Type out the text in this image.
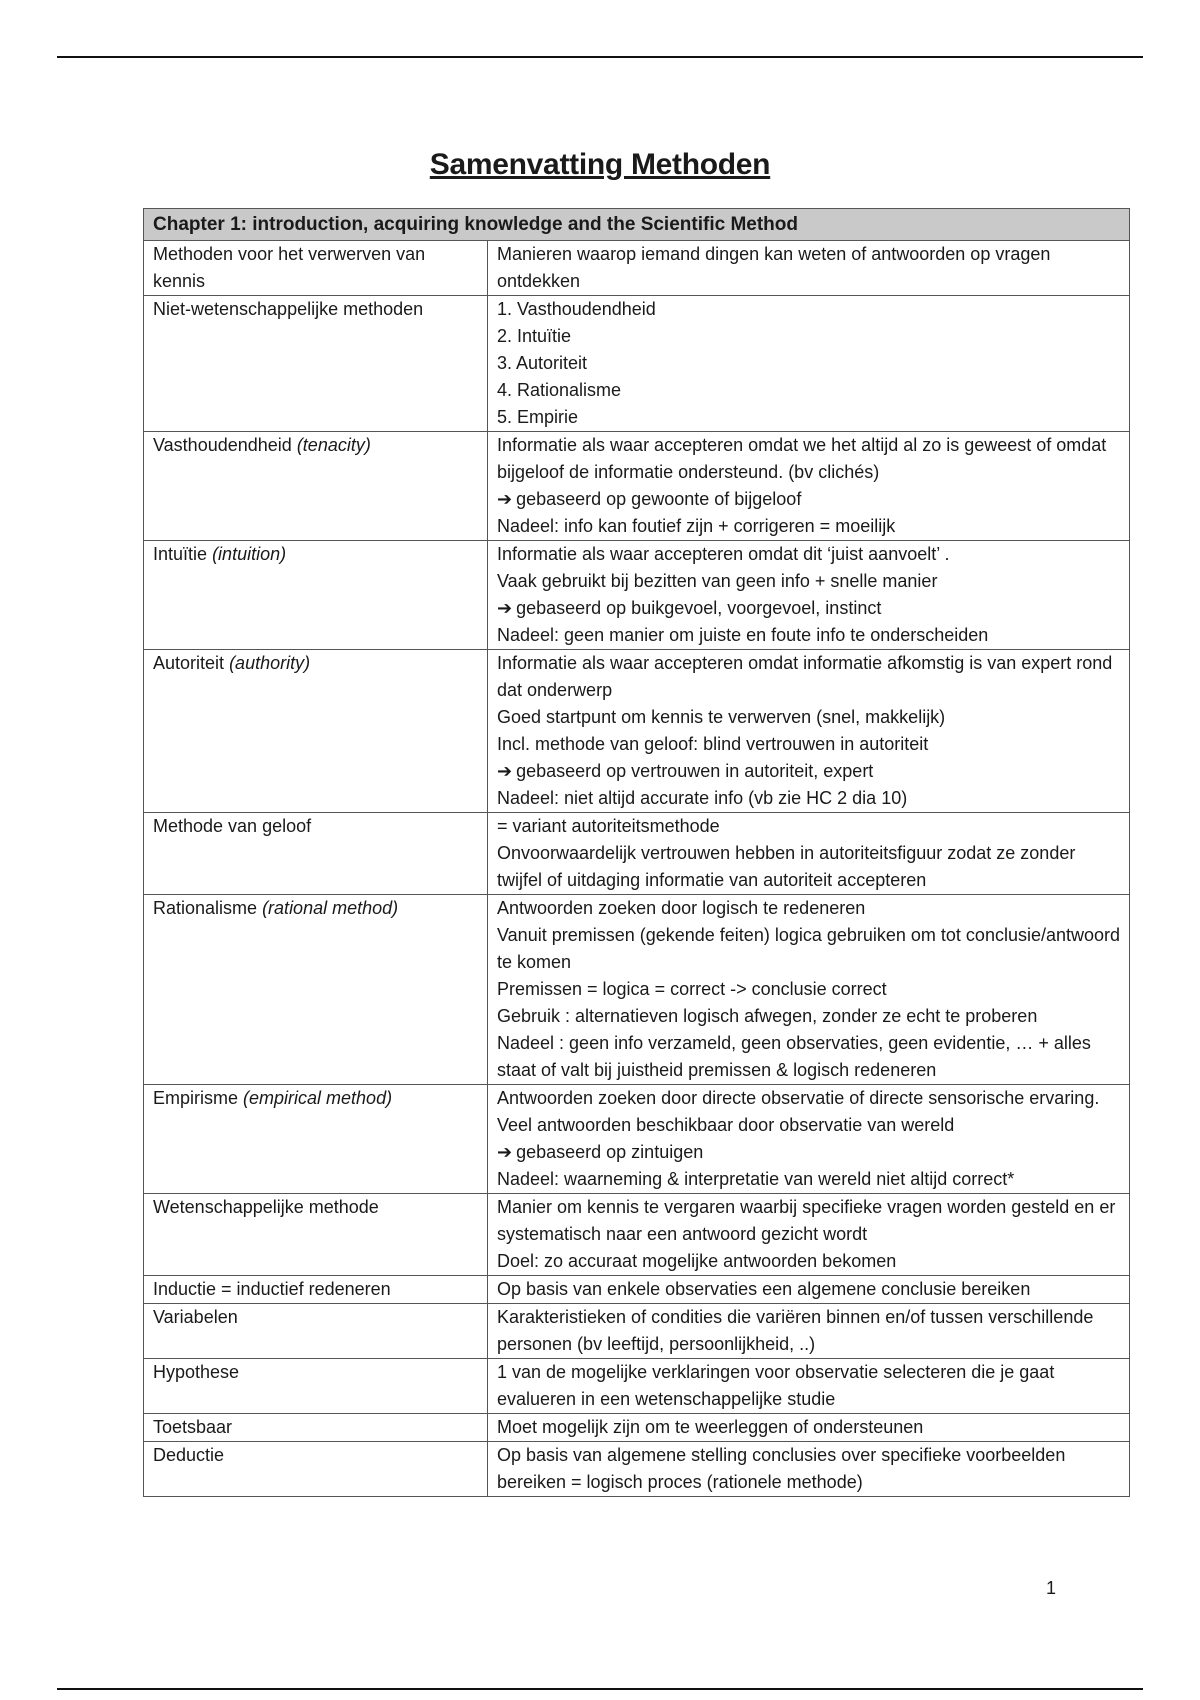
Samenvatting Methoden
Chapter 1: introduction, acquiring knowledge and the Scientific Method	
Methoden voor het verwerven van kennis	Manieren waarop iemand dingen kan weten of antwoorden op vragen ontdekken

Niet-wetenschappelijke methoden	1. Vasthoudendheid
2. Intuïtie
3. Autoriteit
4. Rationalisme
5. Empirie

Vasthoudendheid (tenacity)	Informatie als waar accepteren omdat we het altijd al zo is geweest of omdat bijgeloof de informatie ondersteund. (bv clichés)
➔ gebaseerd op gewoonte of bijgeloof
Nadeel: info kan foutief zijn + corrigeren = moeilijk

Intuïtie (intuition)	Informatie als waar accepteren omdat dit ‘juist aanvoelt’ .
Vaak gebruikt bij bezitten van geen info + snelle manier
➔ gebaseerd op buikgevoel, voorgevoel, instinct
Nadeel: geen manier om juiste en foute info te onderscheiden

Autoriteit (authority)	Informatie als waar accepteren omdat informatie afkomstig is van expert rond dat onderwerp
Goed startpunt om kennis te verwerven (snel, makkelijk)
Incl. methode van geloof: blind vertrouwen in autoriteit
➔ gebaseerd op vertrouwen in autoriteit, expert
Nadeel: niet altijd accurate info (vb zie HC 2 dia 10)

Methode van geloof	= variant autoriteitsmethode
Onvoorwaardelijk vertrouwen hebben in autoriteitsfiguur zodat ze zonder twijfel of uitdaging informatie van autoriteit accepteren

Rationalisme (rational method)	Antwoorden zoeken door logisch te redeneren
Vanuit premissen (gekende feiten) logica gebruiken om tot conclusie/antwoord te komen
Premissen = logica = correct -> conclusie correct
Gebruik : alternatieven logisch afwegen, zonder ze echt te proberen
Nadeel : geen info verzameld, geen observaties, geen evidentie, … + alles staat of valt bij juistheid premissen & logisch redeneren

Empirisme (empirical method)	Antwoorden zoeken door directe observatie of directe sensorische ervaring.
Veel antwoorden beschikbaar door observatie van wereld
➔ gebaseerd op zintuigen
Nadeel: waarneming & interpretatie van wereld niet altijd correct*

Wetenschappelijke methode	Manier om kennis te vergaren waarbij specifieke vragen worden gesteld en er systematisch naar een antwoord gezicht wordt
Doel: zo accuraat mogelijke antwoorden bekomen

Inductie = inductief redeneren	Op basis van enkele observaties een algemene conclusie bereiken

Variabelen	Karakteristieken of condities die variëren binnen en/of tussen verschillende personen (bv leeftijd, persoonlijkheid, ..)

Hypothese	1 van de mogelijke verklaringen voor observatie selecteren die je gaat evalueren in een wetenschappelijke studie

Toetsbaar	Moet mogelijk zijn om te weerleggen of ondersteunen

Deductie	Op basis van algemene stelling conclusies over specifieke voorbeelden bereiken = logisch proces (rationele methode)
1
